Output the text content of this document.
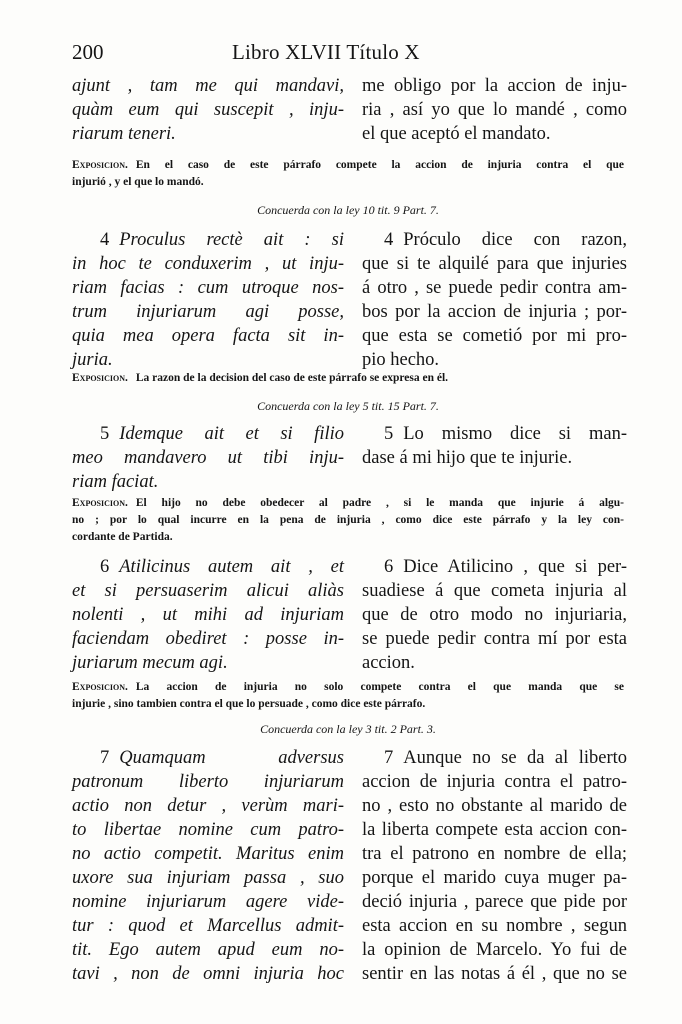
200	Libro XLVII Título X
ajunt , tam me qui mandavi,
quàm eum qui suscepit , inju-
riarum teneri.
me obligo por la accion de inju-
ria , así yo que lo mandé , como
el que aceptó el mandato.
Exposicion. En el caso de este párrafo compete la accion de injuria contra el que
injurió , y el que lo mandó.
Concuerda con la ley 10 tit. 9 Part. 7.
4 Proculus rectè ait : si
in hoc te conduxerim , ut inju-
riam facias : cum utroque nos-
trum injuriarum agi posse,
quia mea opera facta sit in-
juria.
4 Próculo dice con razon,
que si te alquilé para que injuries
á otro , se puede pedir contra am-
bos por la accion de injuria ; por-
que esta se cometió por mi pro-
pio hecho.
Exposicion. La razon de la decision del caso de este párrafo se expresa en él.
Concuerda con la ley 5 tit. 15 Part. 7.
5 Idemque ait et si filio
meo mandavero ut tibi inju-
riam faciat.
5 Lo mismo dice si man-
dase á mi hijo que te injurie.
Exposicion. El hijo no debe obedecer al padre , si le manda que injurie á algu-
no ; por lo qual incurre en la pena de injuria , como dice este párrafo y la ley con-
cordante de Partida.
6 Atilicinus autem ait , et
et si persuaserim alicui aliàs
nolenti , ut mihi ad injuriam
faciendam obediret : posse in-
juriarum mecum agi.
6 Dice Atilicino , que si per-
suadiese á que cometa injuria al
que de otro modo no injuriaria,
se puede pedir contra mí por esta
accion.
Exposicion. La accion de injuria no solo compete contra el que manda que se
injurie , sino tambien contra el que lo persuade , como dice este párrafo.
Concuerda con la ley 3 tit. 2 Part. 3.
7 Quamquam adversus
patronum liberto injuriarum
actio non detur , verùm mari-
to libertae nomine cum patro-
no actio competit. Maritus enim
uxore sua injuriam passa , suo
nomine injuriarum agere vide-
tur : quod et Marcellus admit-
tit. Ego autem apud eum no-
tavi , non de omni injuria hoc
7 Aunque no se da al liberto
accion de injuria contra el patro-
no , esto no obstante al marido de
la liberta compete esta accion con-
tra el patrono en nombre de ella;
porque el marido cuya muger pa-
deció injuria , parece que pide por
esta accion en su nombre , segun
la opinion de Marcelo. Yo fui de
sentir en las notas á él , que no se
